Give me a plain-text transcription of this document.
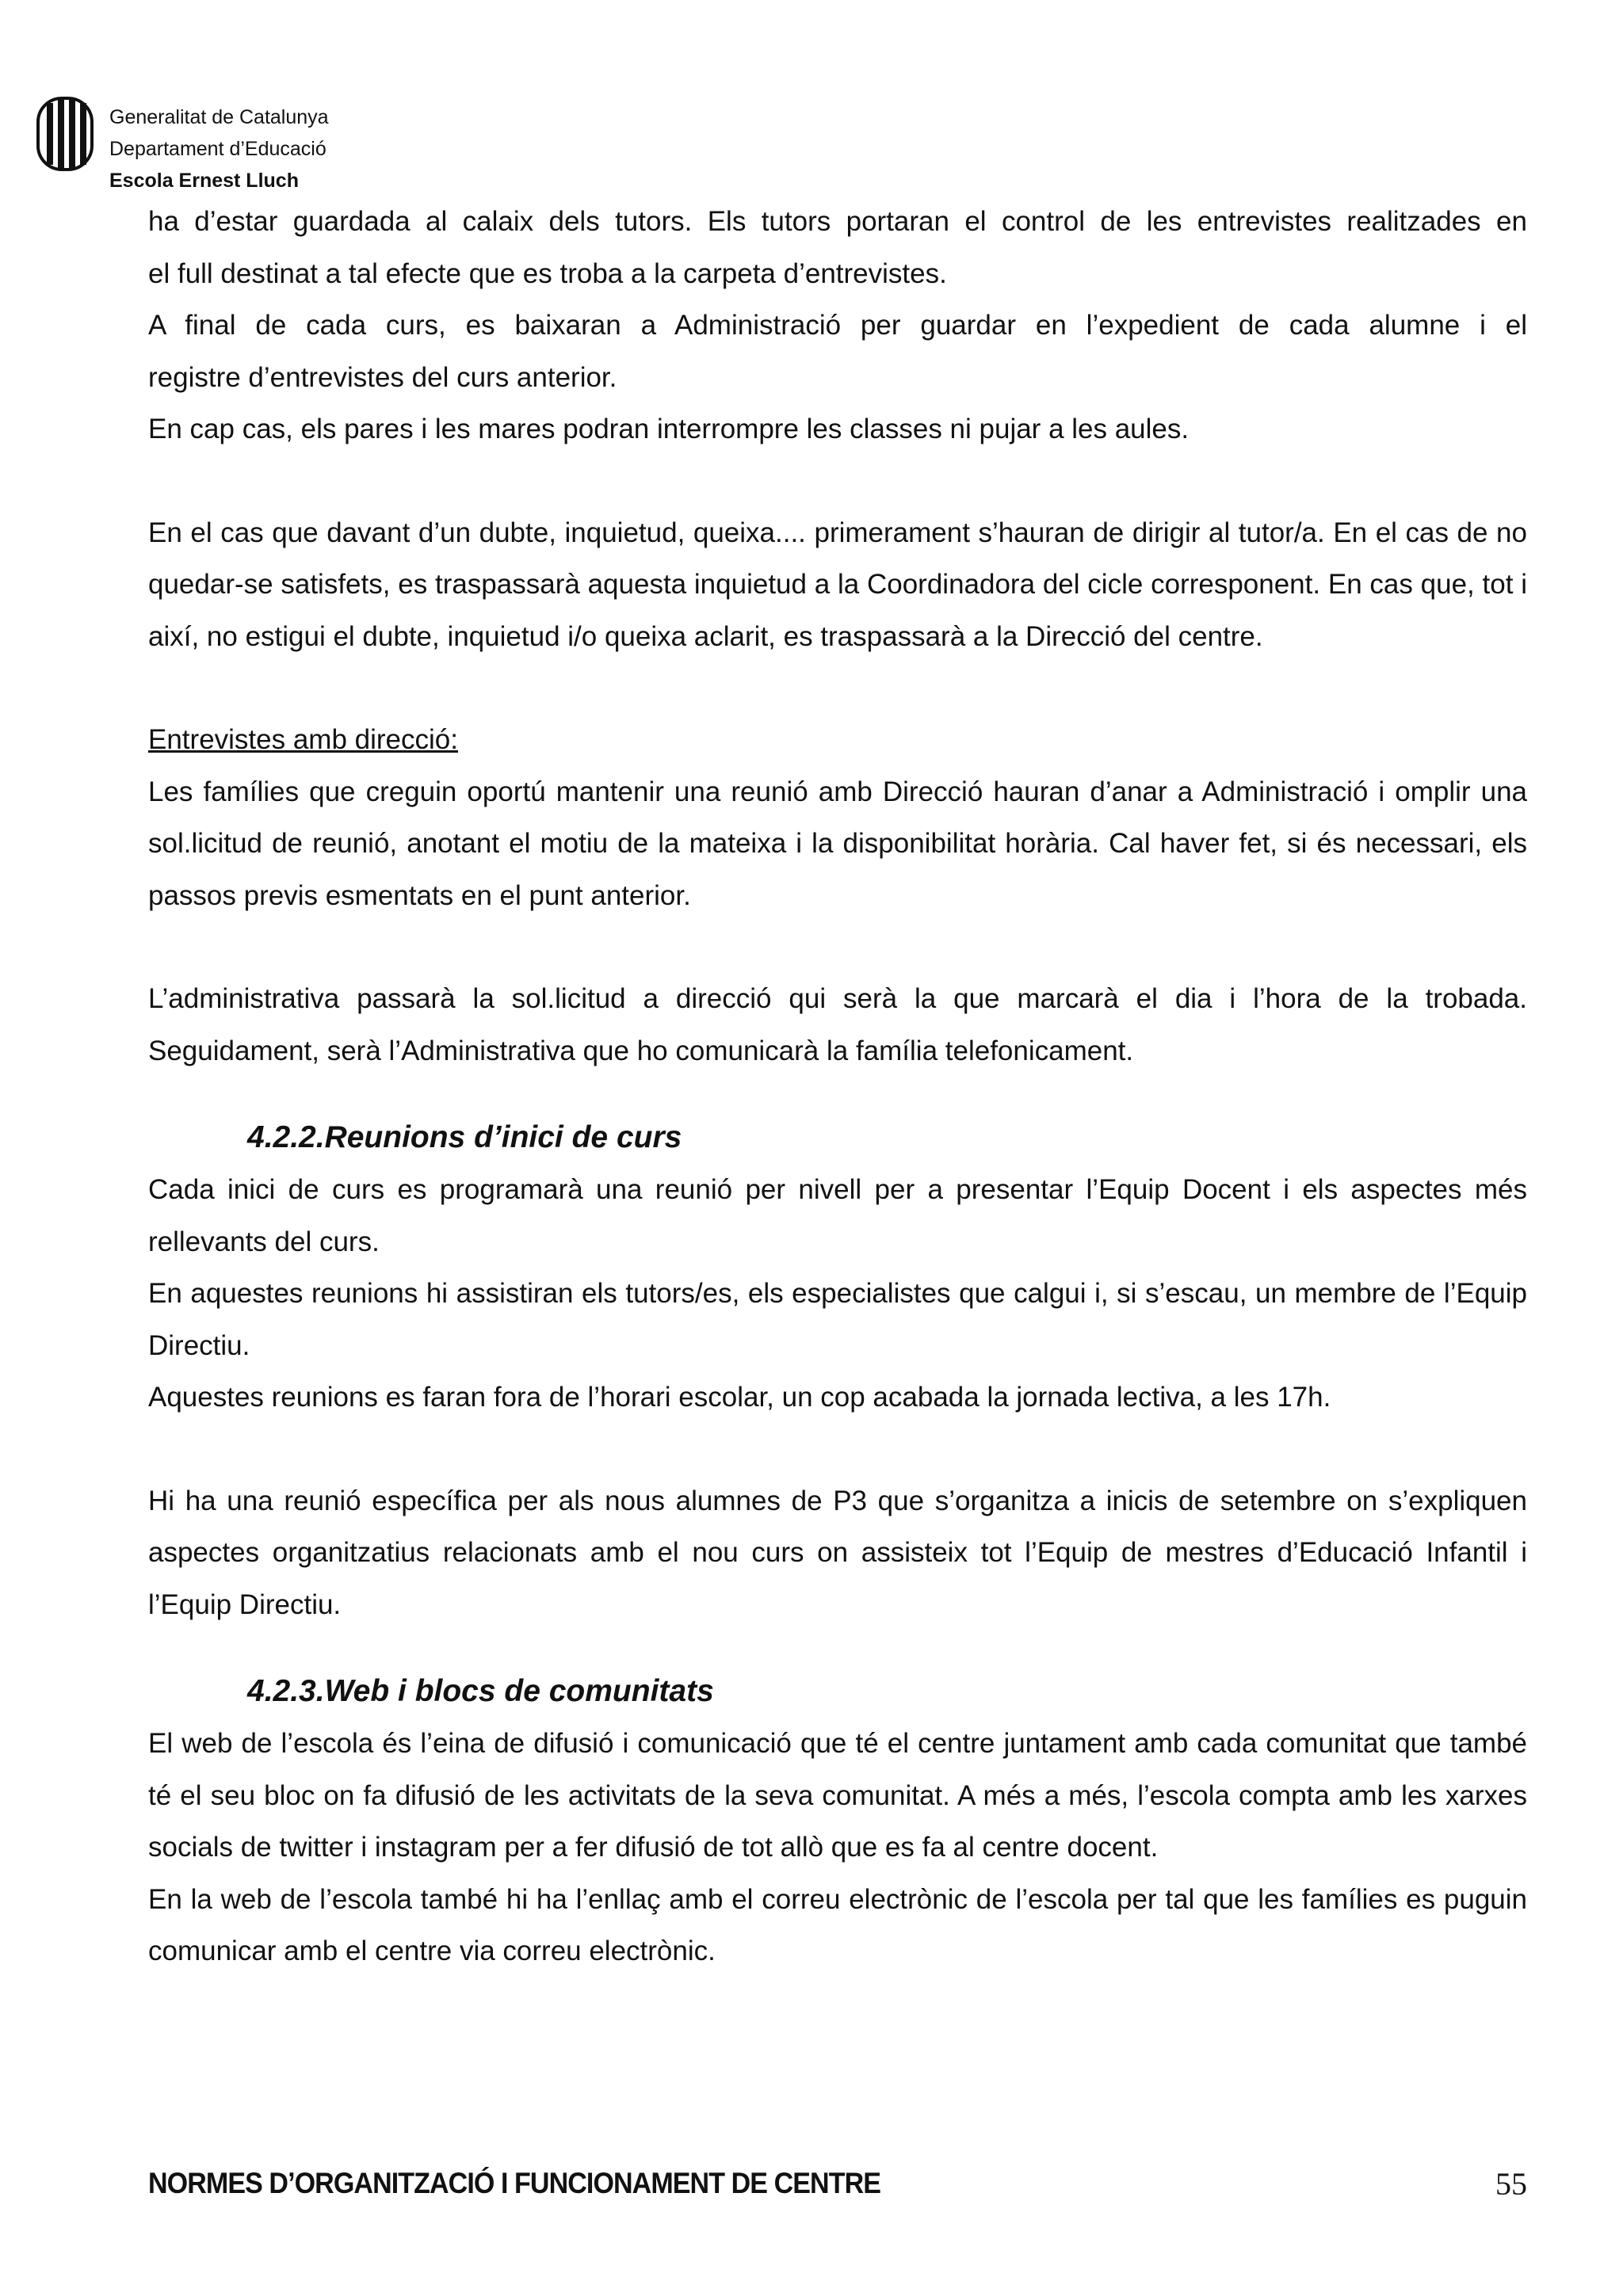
Generalitat de Catalunya
Departament d’Educació
Escola Ernest Lluch

ha d’estar guardada al calaix dels tutors. Els tutors portaran el control de les entrevistes realitzades en

el full destinat a tal efecte que es troba a la carpeta d’entrevistes.

A final de cada curs, es baixaran a Administració per guardar en l’expedient de cada alumne i el

registre d’entrevistes del curs anterior.

En cap cas, els pares i les mares podran interrompre les classes ni pujar a les aules.

En el cas que davant d’un dubte, inquietud, queixa.... primerament s’hauran de dirigir al tutor/a. En el cas de no quedar-se satisfets, es traspassarà aquesta inquietud a la Coordinadora del cicle corresponent. En cas que, tot i així, no estigui el dubte, inquietud i/o queixa aclarit, es traspassarà a la Direcció del centre.

Entrevistes amb direcció:

Les famílies que creguin oportú mantenir una reunió amb Direcció hauran d’anar a Administració i omplir una sol.licitud de reunió, anotant el motiu de la mateixa i la disponibilitat horària. Cal haver fet, si és necessari, els passos previs esmentats en el punt anterior.

L’administrativa passarà la sol.licitud a direcció qui serà la que marcarà el dia i l’hora de la trobada. Seguidament, serà l’Administrativa que ho comunicarà la família telefonicament.

4.2.2.Reunions d’inici de curs

Cada inici de curs es programarà una reunió per nivell per a presentar l’Equip Docent i els aspectes més rellevants del curs.

En aquestes reunions hi assistiran els tutors/es, els especialistes que calgui i, si s’escau, un membre de l’Equip Directiu.

Aquestes reunions es faran fora de l’horari escolar, un cop acabada la jornada lectiva, a les 17h.

Hi ha una reunió específica per als nous alumnes de P3 que s’organitza a inicis de setembre on s’expliquen aspectes organitzatius relacionats amb el nou curs on assisteix tot l’Equip de mestres d’Educació Infantil i l’Equip Directiu.

4.2.3.Web i blocs de comunitats

El web de l’escola és l’eina de difusió i comunicació que té el centre juntament amb cada comunitat que també té el seu bloc on fa difusió de les activitats de la seva comunitat. A més a més, l’escola compta amb les xarxes socials de twitter i instagram per a fer difusió de tot allò que es fa al centre docent.

En la web de l’escola també hi ha l’enllaç amb el correu electrònic de l’escola per tal que les famílies es puguin comunicar amb el centre via correu electrònic.

NORMES D’ORGANITZACIÓ I FUNCIONAMENT DE CENTRE	55
